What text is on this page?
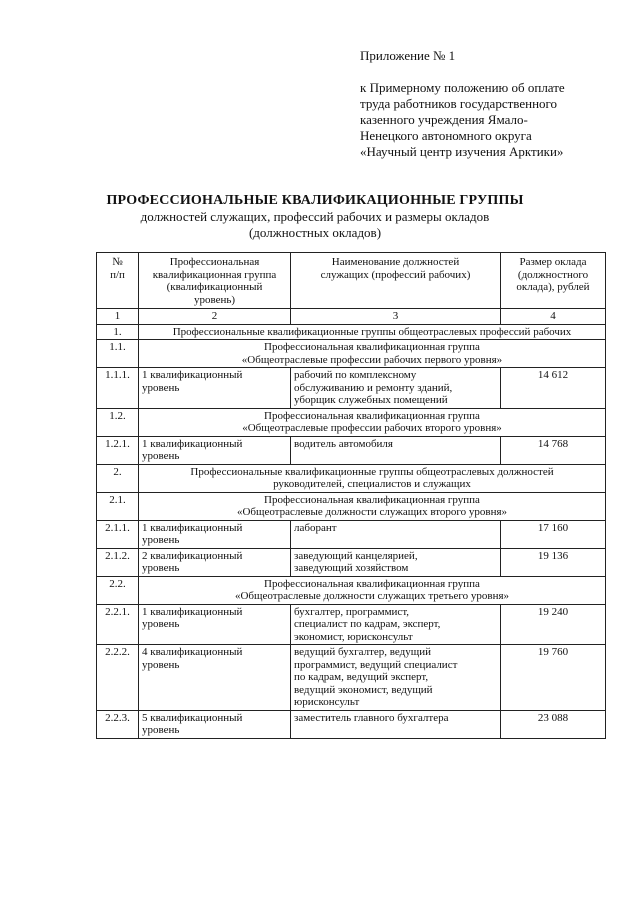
Приложение № 1
к Примерному положению об оплате
труда работников государственного
казенного учреждения Ямало-
Ненецкого автономного округа
«Научный центр изучения Арктики»
ПРОФЕССИОНАЛЬНЫЕ КВАЛИФИКАЦИОННЫЕ ГРУППЫ
должностей служащих, профессий рабочих и размеры окладов
(должностных окладов)
№
п/п	Профессиональная
квалификационная группа
(квалификационный
уровень)	Наименование должностей
служащих (профессий рабочих)	Размер оклада
(должностного
оклада), рублей

1	2	3	4
1.	Профессиональные квалификационные группы общеотраслевых профессий рабочих		

1.1.	Профессиональная квалификационная группа
«Общеотраслевые профессии рабочих первого уровня»		

1.1.1.	1 квалификационный
уровень	рабочий по комплексному
обслуживанию и ремонту зданий,
уборщик служебных помещений	14 612
1.2.	Профессиональная квалификационная группа
«Общеотраслевые профессии рабочих второго уровня»		

1.2.1.	1 квалификационный
уровень	водитель автомобиля	14 768
2.	Профессиональные квалификационные группы общеотраслевых должностей
руководителей, специалистов и служащих		

2.1.	Профессиональная квалификационная группа
«Общеотраслевые должности служащих второго уровня»		

2.1.1.	1 квалификационный
уровень	лаборант	17 160
2.1.2.	2 квалификационный
уровень	заведующий канцелярией,
заведующий хозяйством	19 136
2.2.	Профессиональная квалификационная группа
«Общеотраслевые должности служащих третьего уровня»		

2.2.1.	1 квалификационный
уровень	бухгалтер, программист,
специалист по кадрам, эксперт,
экономист, юрисконсульт	19 240
2.2.2.	4 квалификационный
уровень	ведущий бухгалтер, ведущий
программист, ведущий специалист
по кадрам, ведущий эксперт,
ведущий экономист, ведущий
юрисконсульт	19 760
2.2.3.	5 квалификационный
уровень	заместитель главного бухгалтера	23 088
